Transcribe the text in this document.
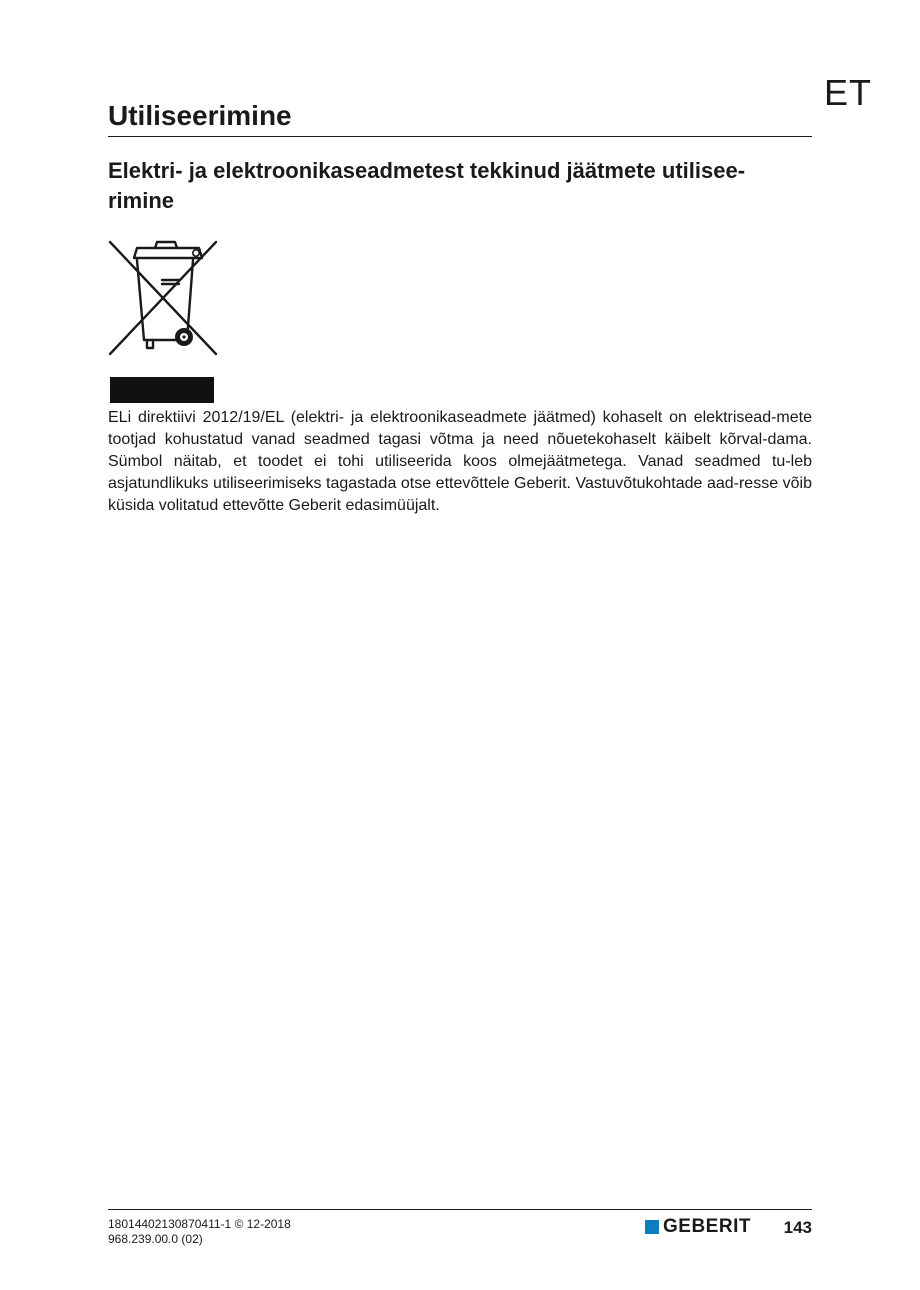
ET
Utiliseerimine
Elektri- ja elektroonikaseadmetest tekkinud jäätmete utilisee-rimine

ELi direktiivi 2012/19/EL (elektri- ja elektroonikaseadmete jäätmed) kohaselt on elektrisead-mete tootjad kohustatud vanad seadmed tagasi võtma ja need nõuetekohaselt käibelt kõrval-dama. Sümbol näitab, et toodet ei tohi utiliseerida koos olmejäätmetega. Vanad seadmed tu-leb asjatundlikuks utiliseerimiseks tagastada otse ettevõttele Geberit. Vastuvõtukohtade aad-resse võib küsida volitatud ettevõtte Geberit edasimüüjalt.

18014402130870411-1 © 12-2018
968.239.00.0 (02)
GEBERIT 143
